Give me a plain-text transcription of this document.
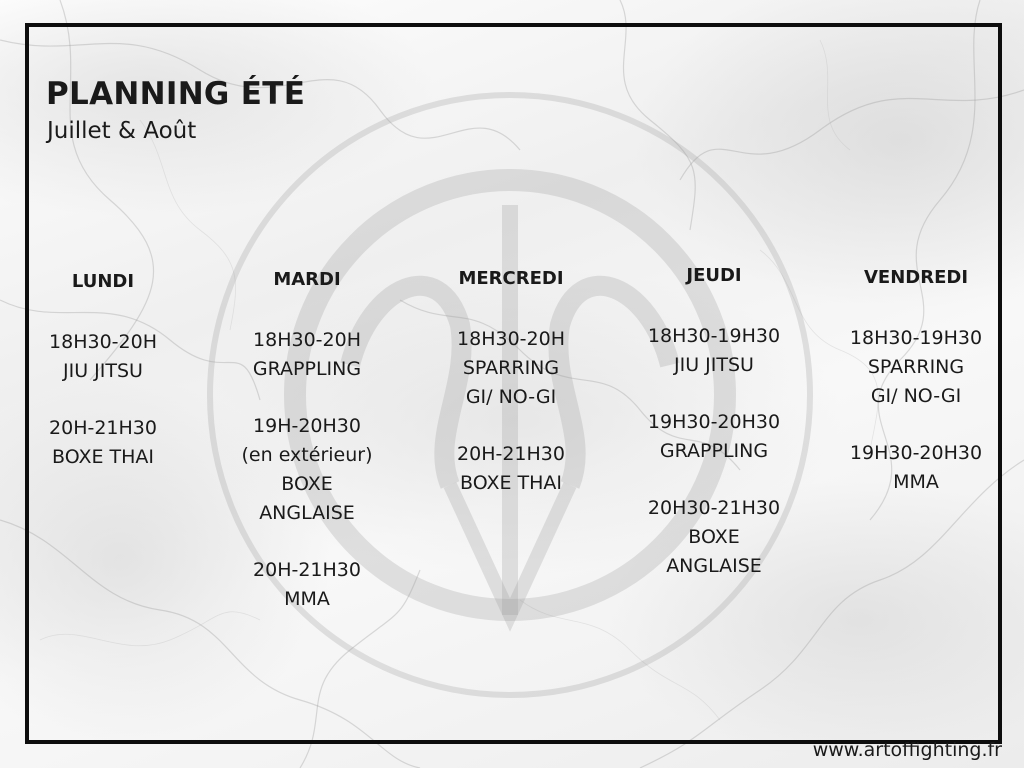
PLANNING ÉTÉ
Juillet & Août
LUNDI
18H30-20H
JIU JITSU
20H-21H30
BOXE THAI
MARDI
18H30-20H
GRAPPLING
19H-20H30
(en extérieur)
BOXE
ANGLAISE
20H-21H30
MMA
MERCREDI
18H30-20H
SPARRING
GI/ NO-GI
20H-21H30
BOXE THAI
JEUDI
18H30-19H30
JIU JITSU
19H30-20H30
GRAPPLING
20H30-21H30
BOXE
ANGLAISE
VENDREDI
18H30-19H30
SPARRING
GI/ NO-GI
19H30-20H30
MMA
www.artoffighting.fr
